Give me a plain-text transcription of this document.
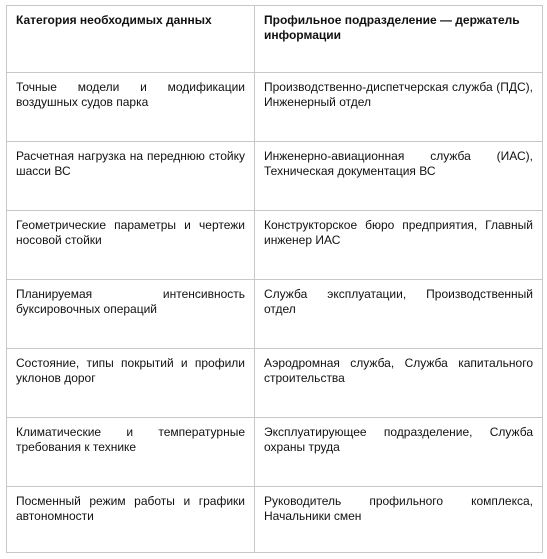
Категория необходимых данных	Профильное подразделение — держатель информации
Точные модели и модификации воздушных судов парка	Производственно-диспетчерская служба (ПДС), Инженерный отдел
Расчетная нагрузка на переднюю стойку шасси ВС	Инженерно-авиационная служба (ИАС), Техническая документация ВС
Геометрические параметры и чертежи носовой стойки	Конструкторское бюро предприятия, Главный инженер ИАС
Планируемая интенсивность буксировочных операций	Служба эксплуатации, Производственный отдел
Состояние, типы покрытий и профили уклонов дорог	Аэродромная служба, Служба капитального строительства
Климатические и температурные требования к технике	Эксплуатирующее подразделение, Служба охраны труда
Посменный режим работы и графики автономности	Руководитель профильного комплекса, Начальники смен
